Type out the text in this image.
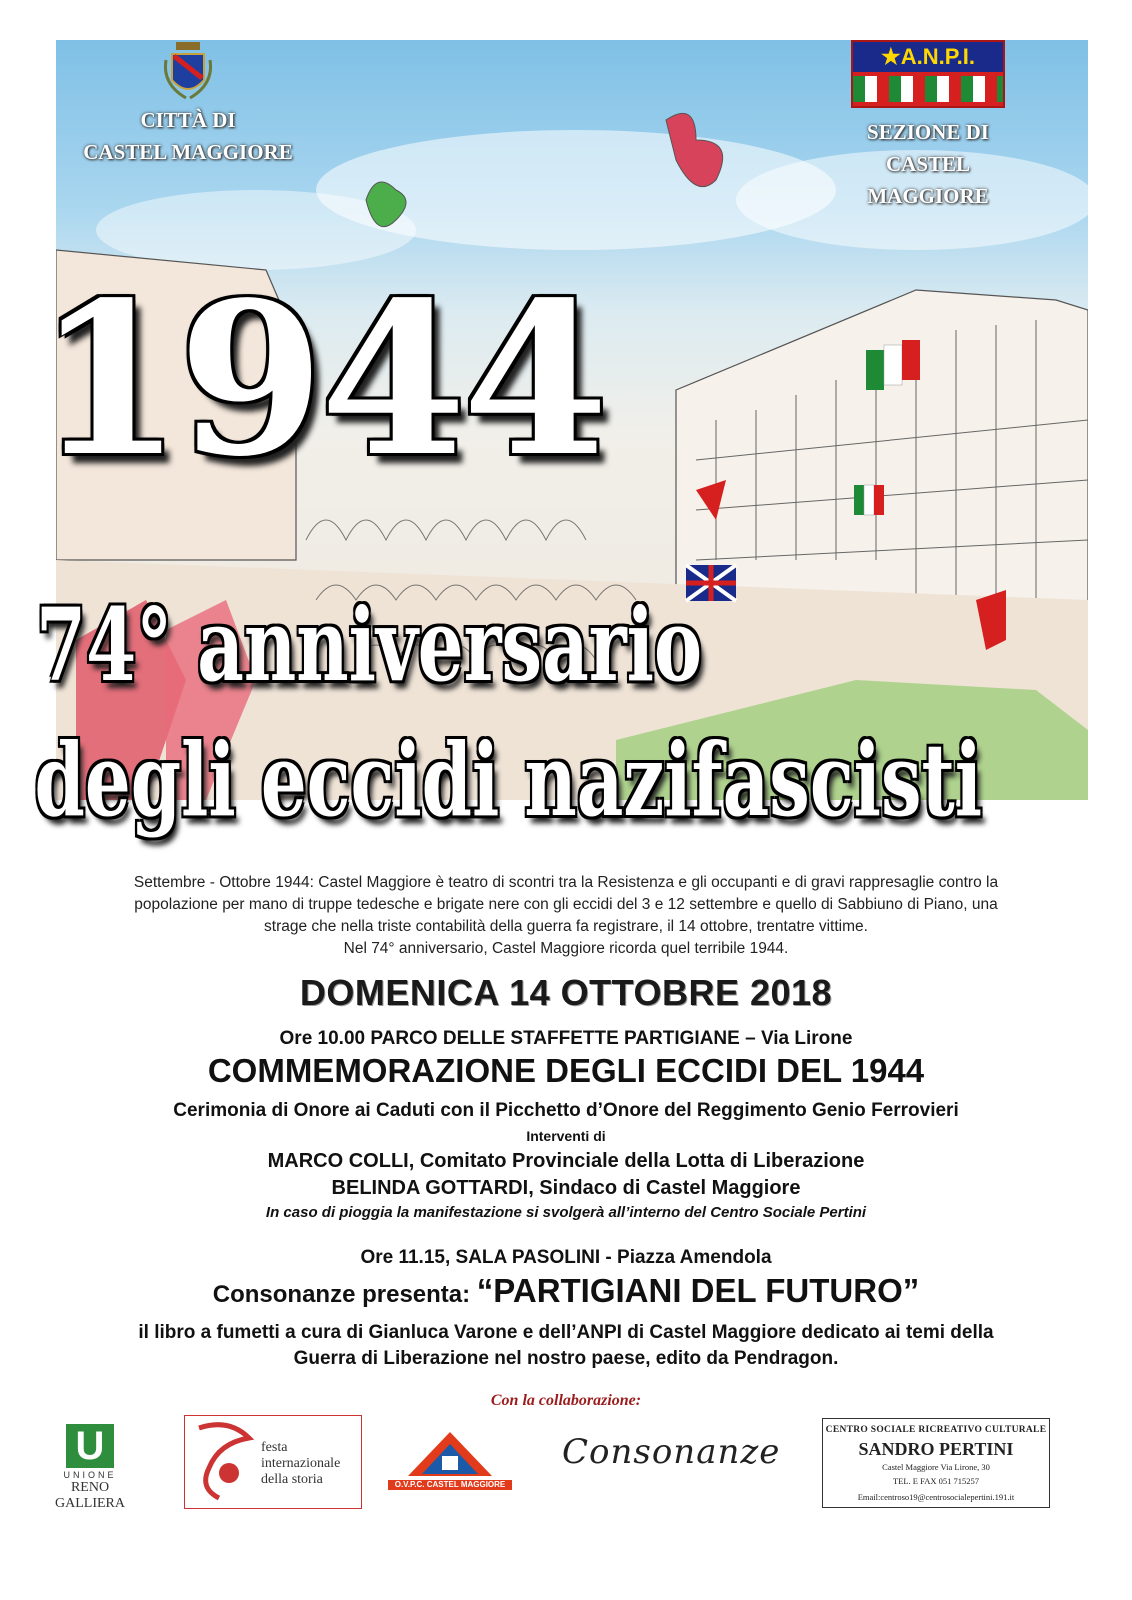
CITTÀ DI
CASTEL MAGGIORE
★A.N.P.I.
SEZIONE DI
CASTEL MAGGIORE
1944
74° anniversario
degli eccidi nazifascisti
Settembre - Ottobre 1944: Castel Maggiore è teatro di scontri tra la Resistenza e gli occupanti e di gravi rappresaglie contro la
popolazione per mano di truppe tedesche e brigate nere con gli eccidi del 3 e 12 settembre e quello di Sabbiuno di Piano, una
strage che nella triste contabilità della guerra fa registrare, il 14 ottobre, trentatre vittime.
Nel 74° anniversario, Castel Maggiore ricorda quel terribile 1944.
DOMENICA 14 OTTOBRE 2018
Ore 10.00 PARCO DELLE STAFFETTE PARTIGIANE – Via Lirone
COMMEMORAZIONE DEGLI ECCIDI DEL 1944
Cerimonia di Onore ai Caduti con il Picchetto d’Onore del Reggimento Genio Ferrovieri
Interventi di
MARCO COLLI, Comitato Provinciale della Lotta di Liberazione
BELINDA GOTTARDI, Sindaco di Castel Maggiore
In caso di pioggia la manifestazione si svolgerà all’interno del Centro Sociale Pertini
Ore 11.15, SALA PASOLINI - Piazza Amendola
Consonanze presenta: “PARTIGIANI DEL FUTURO”
il libro a fumetti a cura di Gianluca Varone e dell’ANPI di Castel Maggiore dedicato ai temi della
Guerra di Liberazione nel nostro paese, edito da Pendragon.
Con la collaborazione:
U
UNIONE
RENO GALLIERA
festa
internazionale
della storia	O.V.P.C. CASTEL MAGGIORE
Consonanze
CENTRO SOCIALE RICREATIVO CULTURALE
SANDRO PERTINI
Castel Maggiore Via Lirone, 30
TEL. E FAX 051 715257
Email:centroso19@centrosocialepertini.191.it
